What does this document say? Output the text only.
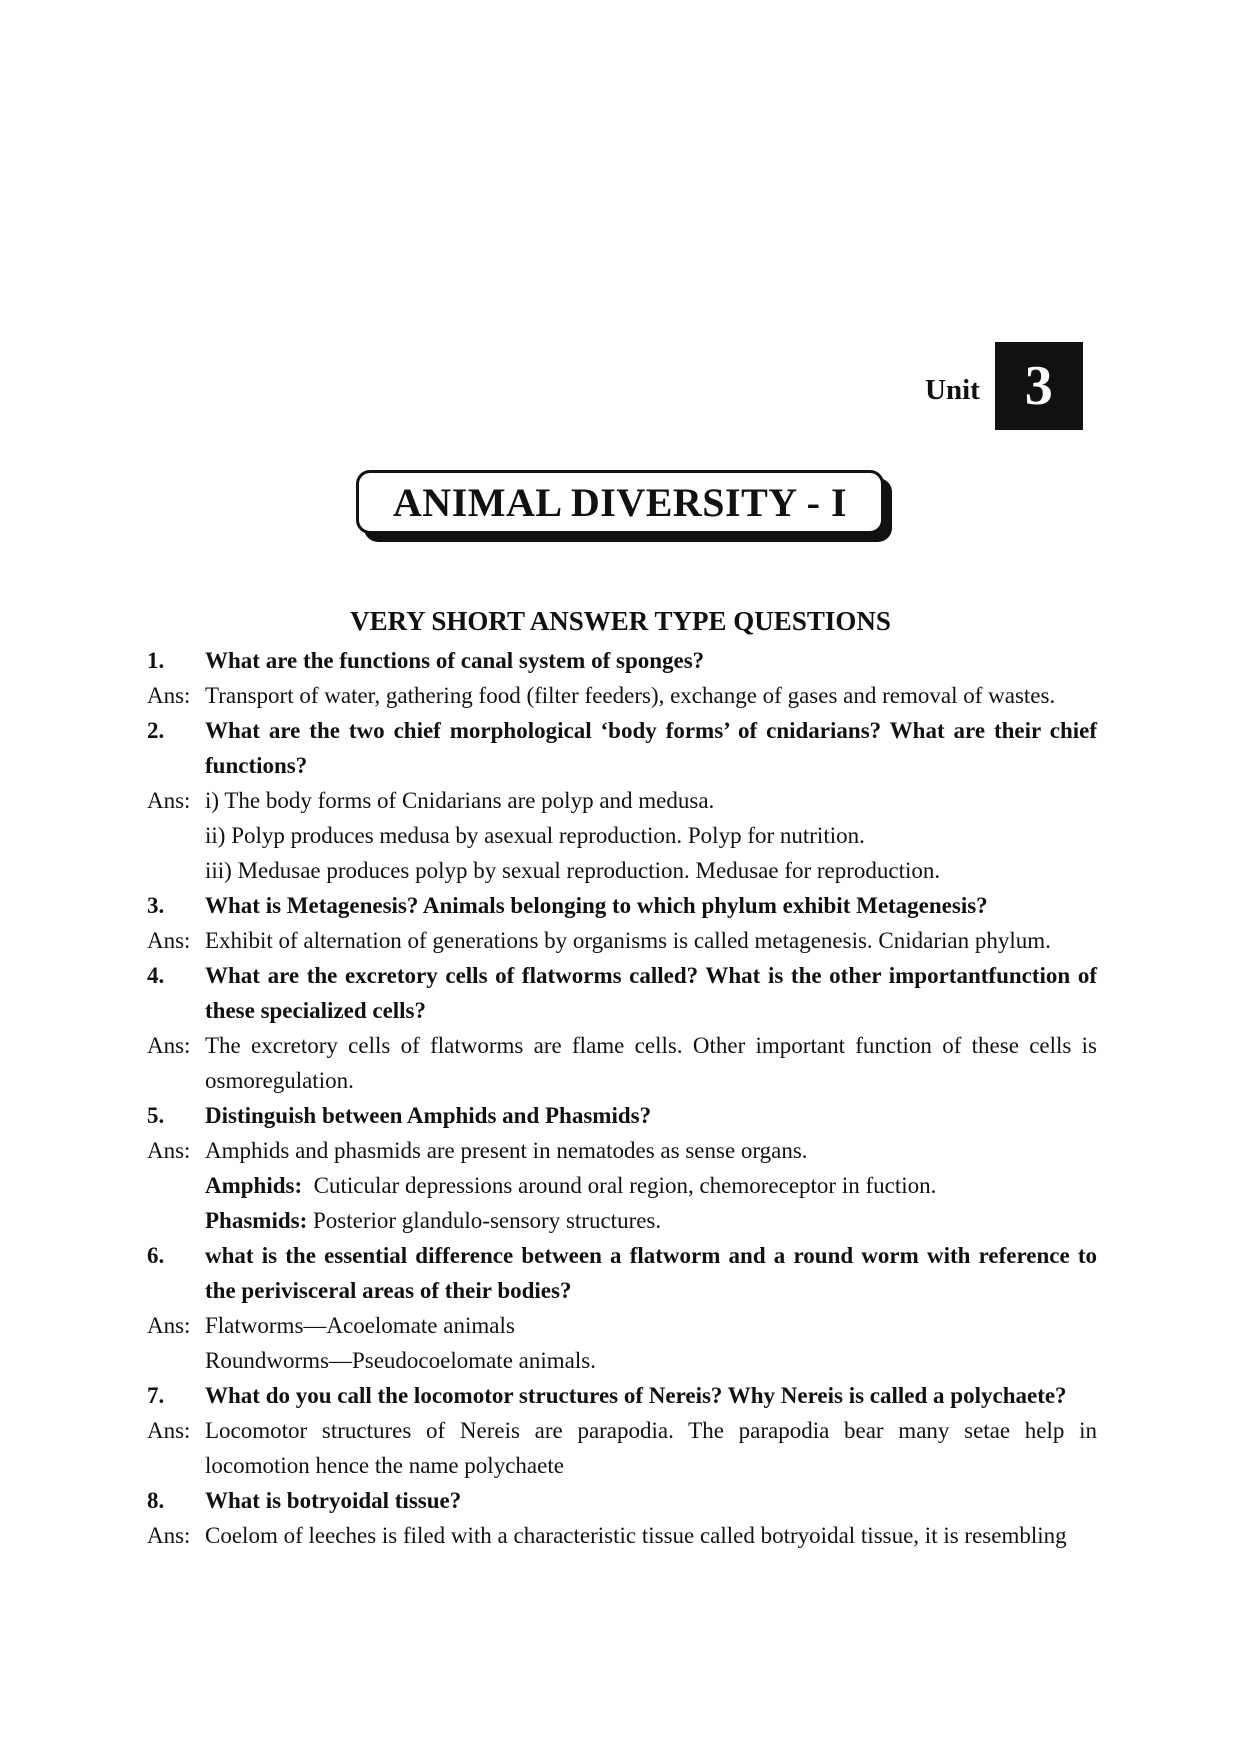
Unit 3
ANIMAL DIVERSITY - I
VERY SHORT ANSWER TYPE QUESTIONS
1.	What are the functions of canal system of sponges?
Ans: Transport of water, gathering food (filter feeders), exchange of gases and removal of wastes.
2.	What are the two chief morphological ‘body forms’ of cnidarians? What are their chief functions?
Ans: i) The body forms of Cnidarians are polyp and medusa.
ii) Polyp produces medusa by asexual reproduction. Polyp for nutrition.
iii) Medusae produces polyp by sexual reproduction. Medusae for reproduction.
3.	What is Metagenesis? Animals belonging to which phylum exhibit Metagenesis?
Ans: Exhibit of alternation of generations by organisms is called metagenesis. Cnidarian phylum.
4.	What are the excretory cells of flatworms called? What is the other importantfunction of these specialized cells?
Ans: The excretory cells of flatworms are flame cells. Other important function of these cells is osmoregulation.
5.	Distinguish between Amphids and Phasmids?
Ans: Amphids and phasmids are present in nematodes as sense organs.
Amphids: Cuticular depressions around oral region, chemoreceptor in fuction.
Phasmids: Posterior glandulo-sensory structures.
6.	what is the essential difference between a flatworm and a round worm with reference to the perivisceral areas of their bodies?
Ans: Flatworms—Acoelomate animals
Roundworms—Pseudocoelomate animals.
7.	What do you call the locomotor structures of Nereis? Why Nereis is called a polychaete?
Ans: Locomotor structures of Nereis are parapodia. The parapodia bear many setae help in locomotion hence the name polychaete
8.	What is botryoidal tissue?
Ans: Coelom of leeches is filed with a characteristic tissue called botryoidal tissue, it is resembling
